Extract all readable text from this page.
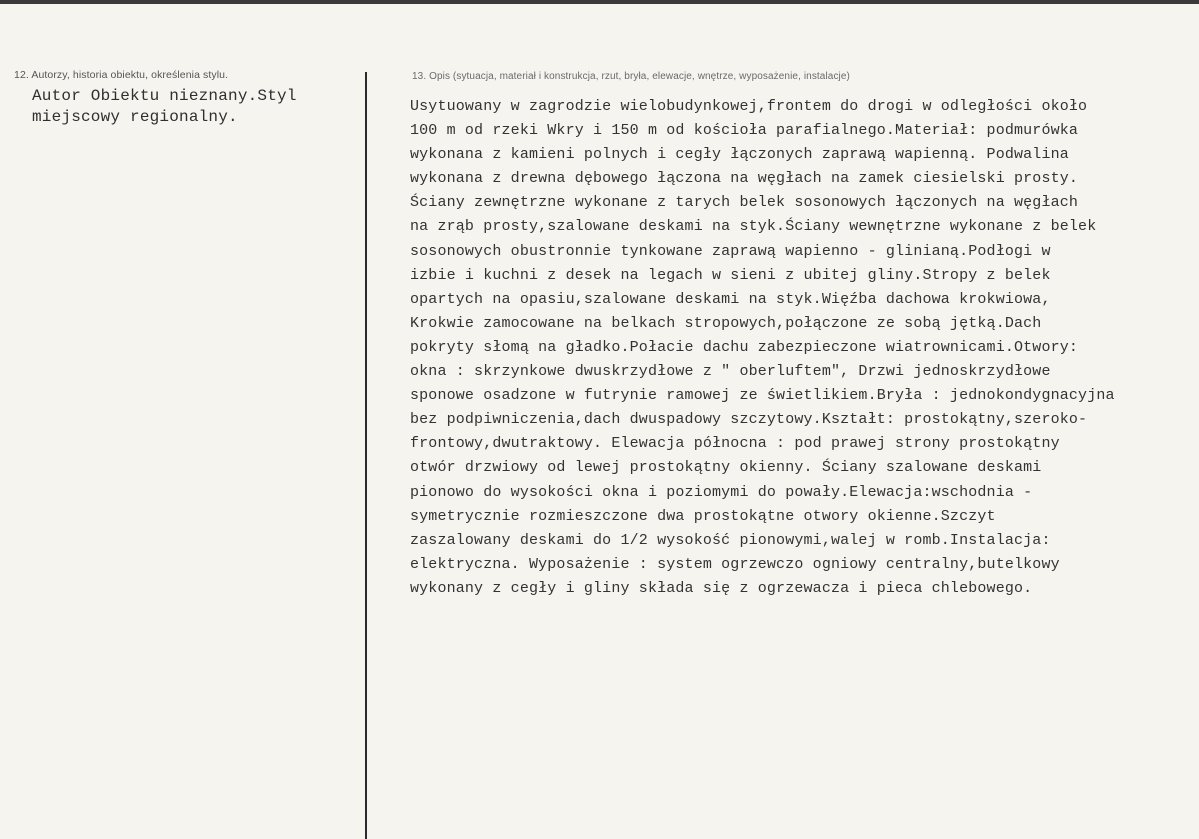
12. Autorzy, historia obiektu, określenia stylu.	13. Opis (sytuacja, materiał i konstrukcja, rzut, bryła, elewacje, wnętrze, wyposażenie, instalacje)
Autor Obiektu nieznany.Styl
miejscowy regionalny.
Usytuowany w zagrodzie wielobudynkowej,frontem do drogi w odległości około
100 m od rzeki Wkry i 150 m od kościoła parafialnego.Materiał: podmurówka
wykonana z kamieni polnych i cegły łączonych zaprawą wapienną. Podwalina
wykonana z drewna dębowego łączona na węgłach na zamek ciesielski prosty.
Ściany zewnętrzne wykonane z tarych belek sosonowych łączonych na węgłach
na zrąb prosty,szalowane deskami na styk.Ściany wewnętrzne wykonane z belek
sosonowych obustronnie tynkowane zaprawą wapienno - glinianą.Podłogi w
izbie i kuchni z desek na legach w sieni z ubitej gliny.Stropy z belek
opartych na opasiu,szalowane deskami na styk.Więźba dachowa krokwiowa,
Krokwie zamocowane na belkach stropowych,połączone ze sobą jętką.Dach
pokryty słomą na gładko.Połacie dachu zabezpieczone wiatrownicami.Otwory:
okna : skrzynkowe dwuskrzydłowe z " oberluftem", Drzwi jednoskrzydłowe
sponowe osadzone w futrynie ramowej ze świetlikiem.Bryła : jednokondygnacyjna
bez podpiwniczenia,dach dwuspadowy szczytowy.Kształt: prostokątny,szeroko-
frontowy,dwutraktowy. Elewacja północna : pod prawej strony prostokątny
otwór drzwiowy od lewej prostokątny okienny. Ściany szalowane deskami
pionowo do wysokości okna i poziomymi do powały.Elewacja:wschodnia -
symetrycznie rozmieszczone dwa prostokątne otwory okienne.Szczyt
zaszalowany deskami do 1/2 wysokość pionowymi,walej w romb.Instalacja:
elektryczna. Wyposażenie : system ogrzewczo ogniowy centralny,butelkowy
wykonany z cegły i gliny składa się z ogrzewacza i pieca chlebowego.
